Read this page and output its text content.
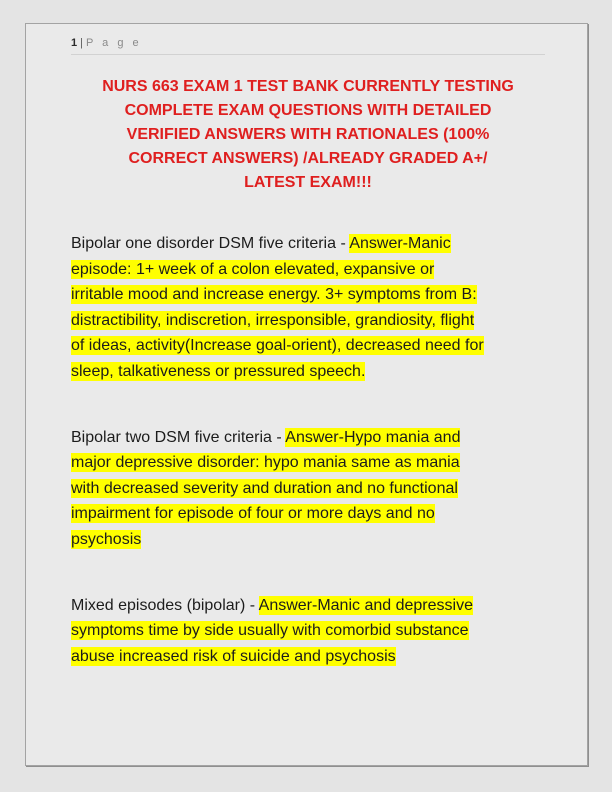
1 | P a g e
NURS 663 EXAM 1 TEST BANK CURRENTLY TESTING
COMPLETE EXAM QUESTIONS WITH DETAILED
VERIFIED ANSWERS WITH RATIONALES (100%
CORRECT ANSWERS) /ALREADY GRADED A+/
LATEST EXAM!!!
Bipolar one disorder DSM five criteria - Answer-Manic
episode: 1+ week of a colon elevated, expansive or
irritable mood and increase energy. 3+ symptoms from B:
distractibility, indiscretion, irresponsible, grandiosity, flight
of ideas, activity(Increase goal-orient), decreased need for
sleep, talkativeness or pressured speech.
Bipolar two DSM five criteria - Answer-Hypo mania and
major depressive disorder: hypo mania same as mania
with decreased severity and duration and no functional
impairment for episode of four or more days and no
psychosis
Mixed episodes (bipolar) - Answer-Manic and depressive
symptoms time by side usually with comorbid substance
abuse increased risk of suicide and psychosis
